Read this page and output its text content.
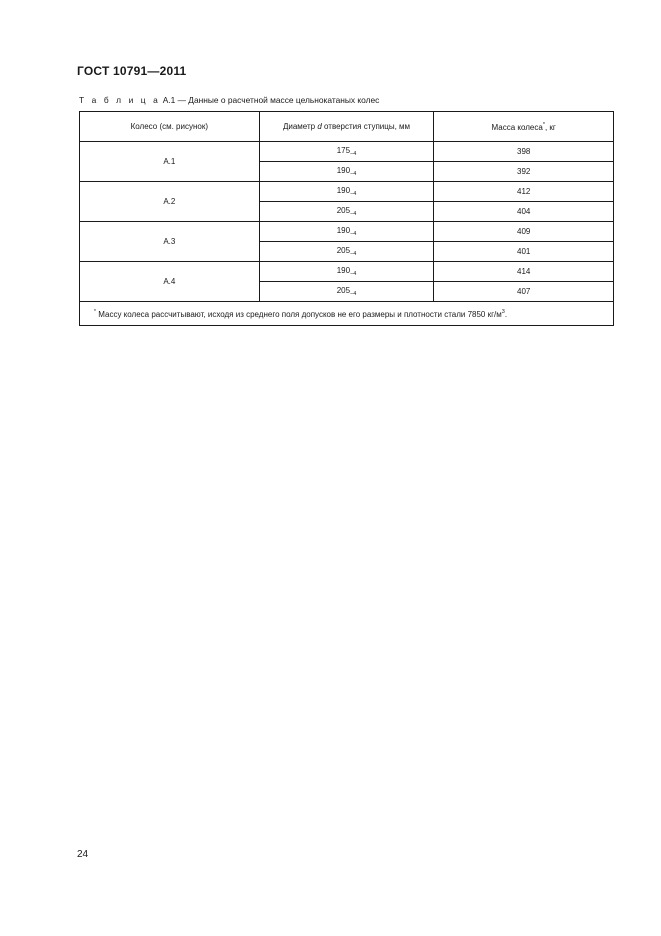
ГОСТ 10791—2011
Т а б л и ц а А.1 — Данные о расчетной массе цельнокатаных колес
Колесо (см. рисунок)	Диаметр d отверстия ступицы, мм	Масса колеса*, кг
А.1	$175_{-4}$	398
	$190_{-4}$	392
А.2	$190_{-4}$	412
	$205_{-4}$	404
А.3	$190_{-4}$	409
	$205_{-4}$	401
А.4	$190_{-4}$	414
	$205_{-4}$	407
* Массу колеса рассчитывают, исходя из среднего поля допусков не его размеры и плотности стали 7850 $кг/м^3$.		
24
